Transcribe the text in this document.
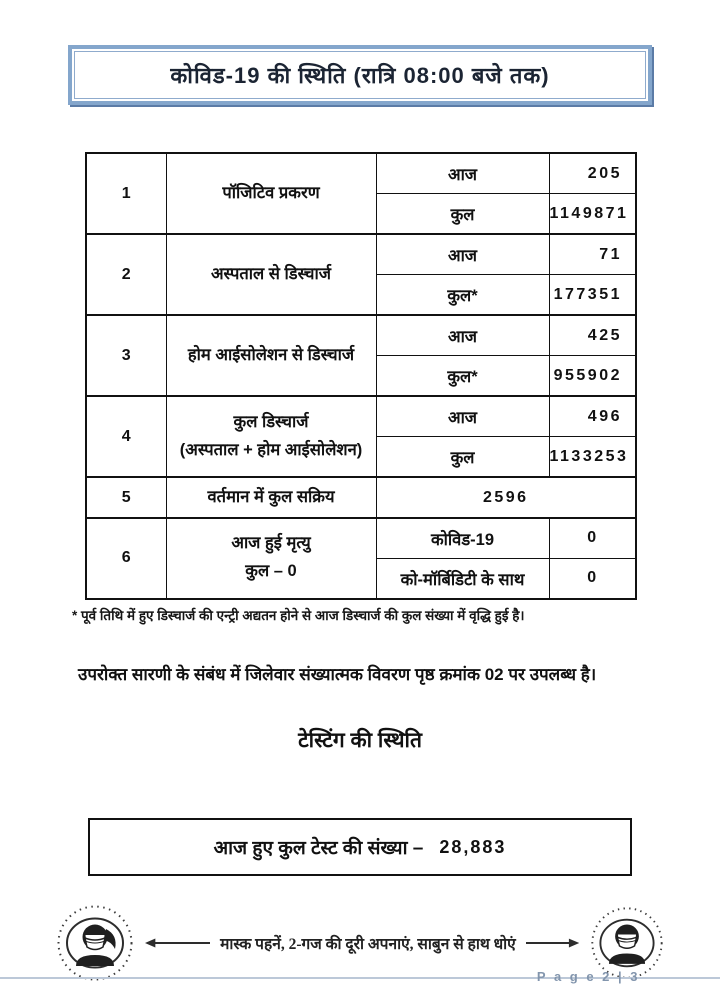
कोविड-19 की स्थिति (रात्रि 08:00 बजे तक)
1	पॉजिटिव प्रकरण	आज	205
		कुल	1149871
2	अस्पताल से डिस्चार्ज	आज	71
		कुल*	177351
3	होम आईसोलेशन से डिस्चार्ज	आज	425
		कुल*	955902
4	कुल डिस्चार्ज
(अस्पताल + होम आईसोलेशन)	आज	496
		कुल	1133253
5	वर्तमान में कुल सक्रिय	2596	
6	आज हुई मृत्यु
कुल – 0	कोविड-19	0
		को-मॉर्बिडिटी के साथ	0
* पूर्व तिथि में हुए डिस्चार्ज की एन्ट्री अद्यतन होने से आज डिस्चार्ज की कुल संख्या में वृद्धि हुई है।
उपरोक्त सारणी के संबंध में जिलेवार संख्यात्मक विवरण पृष्ठ क्रमांक 02 पर उपलब्ध है।
टेस्टिंग की स्थिति
आज हुए कुल टेस्ट की संख्या – 28,883
मास्क पहनें, 2-गज की दूरी अपनाएं, साबुन से हाथ धोएं
P a g e 2 | 3
